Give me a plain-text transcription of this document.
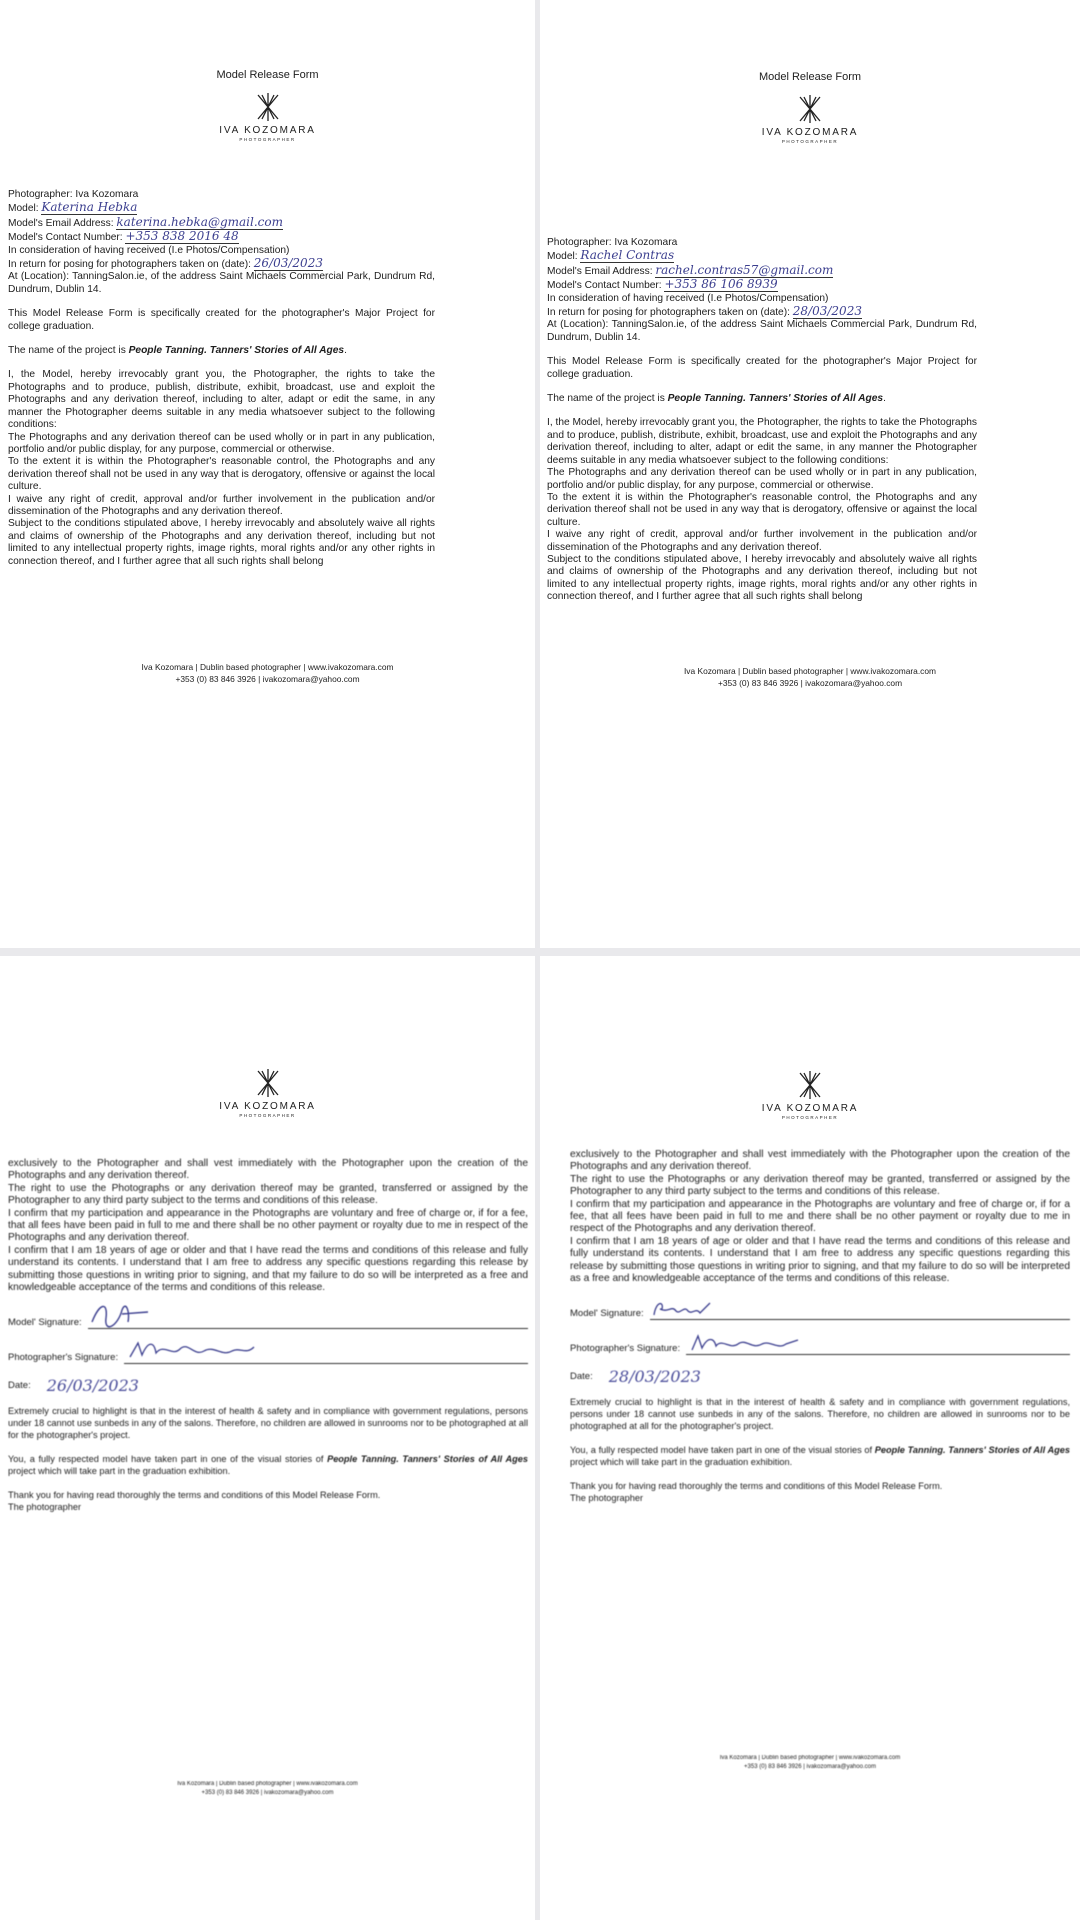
Model Release Form
IVA KOZOMARA
PHOTOGRAPHER
Photographer: Iva Kozomara
Model: Katerina Hebka
Model's Email Address: katerina.hebka@gmail.com
Model's Contact Number: +353 838 2016 48
In consideration of having received (I.e Photos/Compensation)
In return for posing for photographers taken on (date): 26/03/2023

At (Location): TanningSalon.ie, of the address Saint Michaels Commercial Park, Dundrum Rd, Dundrum, Dublin 14.

This Model Release Form is specifically created for the photographer's Major Project for college graduation.

The name of the project is People Tanning. Tanners' Stories of All Ages.

I, the Model, hereby irrevocably grant you, the Photographer, the rights to take the Photographs and to produce, publish, distribute, exhibit, broadcast, use and exploit the Photographs and any derivation thereof, including to alter, adapt or edit the same, in any manner the Photographer deems suitable in any media whatsoever subject to the following conditions:

The Photographs and any derivation thereof can be used wholly or in part in any publication, portfolio and/or public display, for any purpose, commercial or otherwise.

To the extent it is within the Photographer's reasonable control, the Photographs and any derivation thereof shall not be used in any way that is derogatory, offensive or against the local culture.

I waive any right of credit, approval and/or further involvement in the publication and/or dissemination of the Photographs and any derivation thereof.

Subject to the conditions stipulated above, I hereby irrevocably and absolutely waive all rights and claims of ownership of the Photographs and any derivation thereof, including but not limited to any intellectual property rights, image rights, moral rights and/or any other rights in connection thereof, and I further agree that all such rights shall belong

Iva Kozomara | Dublin based photographer | www.ivakozomara.com
+353 (0) 83 846 3926 | ivakozomara@yahoo.com
Model Release Form
IVA KOZOMARA
PHOTOGRAPHER
Photographer: Iva Kozomara
Model: Rachel Contras
Model's Email Address: rachel.contras57@gmail.com
Model's Contact Number: +353 86 106 8939
In consideration of having received (I.e Photos/Compensation)
In return for posing for photographers taken on (date): 28/03/2023

At (Location): TanningSalon.ie, of the address Saint Michaels Commercial Park, Dundrum Rd, Dundrum, Dublin 14.

This Model Release Form is specifically created for the photographer's Major Project for college graduation.

The name of the project is People Tanning. Tanners' Stories of All Ages.

I, the Model, hereby irrevocably grant you, the Photographer, the rights to take the Photographs and to produce, publish, distribute, exhibit, broadcast, use and exploit the Photographs and any derivation thereof, including to alter, adapt or edit the same, in any manner the Photographer deems suitable in any media whatsoever subject to the following conditions:

The Photographs and any derivation thereof can be used wholly or in part in any publication, portfolio and/or public display, for any purpose, commercial or otherwise.

To the extent it is within the Photographer's reasonable control, the Photographs and any derivation thereof shall not be used in any way that is derogatory, offensive or against the local culture.

I waive any right of credit, approval and/or further involvement in the publication and/or dissemination of the Photographs and any derivation thereof.

Subject to the conditions stipulated above, I hereby irrevocably and absolutely waive all rights and claims of ownership of the Photographs and any derivation thereof, including but not limited to any intellectual property rights, image rights, moral rights and/or any other rights in connection thereof, and I further agree that all such rights shall belong

Iva Kozomara | Dublin based photographer | www.ivakozomara.com
+353 (0) 83 846 3926 | ivakozomara@yahoo.com
IVA KOZOMARA
PHOTOGRAPHER

exclusively to the Photographer and shall vest immediately with the Photographer upon the creation of the Photographs and any derivation thereof.

The right to use the Photographs or any derivation thereof may be granted, transferred or assigned by the Photographer to any third party subject to the terms and conditions of this release.

I confirm that my participation and appearance in the Photographs are voluntary and free of charge or, if for a fee, that all fees have been paid in full to me and there shall be no other payment or royalty due to me in respect of the Photographs and any derivation thereof.

I confirm that I am 18 years of age or older and that I have read the terms and conditions of this release and fully understand its contents. I understand that I am free to address any specific questions regarding this release by submitting those questions in writing prior to signing, and that my failure to do so will be interpreted as a free and knowledgeable acceptance of the terms and conditions of this release.

Model' Signature:
Photographer's Signature:
Date: 26/03/2023

Extremely crucial to highlight is that in the interest of health & safety and in compliance with government regulations, persons under 18 cannot use sunbeds in any of the salons. Therefore, no children are allowed in sunrooms nor to be photographed at all for the photographer's project.

You, a fully respected model have taken part in one of the visual stories of People Tanning. Tanners' Stories of All Ages project which will take part in the graduation exhibition.

Thank you for having read thoroughly the terms and conditions of this Model Release Form.

The photographer

Iva Kozomara | Dublin based photographer | www.ivakozomara.com
+353 (0) 83 846 3926 | ivakozomara@yahoo.com
IVA KOZOMARA
PHOTOGRAPHER

exclusively to the Photographer and shall vest immediately with the Photographer upon the creation of the Photographs and any derivation thereof.

The right to use the Photographs or any derivation thereof may be granted, transferred or assigned by the Photographer to any third party subject to the terms and conditions of this release.

I confirm that my participation and appearance in the Photographs are voluntary and free of charge or, if for a fee, that all fees have been paid in full to me and there shall be no other payment or royalty due to me in respect of the Photographs and any derivation thereof.

I confirm that I am 18 years of age or older and that I have read the terms and conditions of this release and fully understand its contents. I understand that I am free to address any specific questions regarding this release by submitting those questions in writing prior to signing, and that my failure to do so will be interpreted as a free and knowledgeable acceptance of the terms and conditions of this release.

Model' Signature:
Photographer's Signature:
Date: 28/03/2023

Extremely crucial to highlight is that in the interest of health & safety and in compliance with government regulations, persons under 18 cannot use sunbeds in any of the salons. Therefore, no children are allowed in sunrooms nor to be photographed at all for the photographer's project.

You, a fully respected model have taken part in one of the visual stories of People Tanning. Tanners' Stories of All Ages project which will take part in the graduation exhibition.

Thank you for having read thoroughly the terms and conditions of this Model Release Form.

The photographer

Iva Kozomara | Dublin based photographer | www.ivakozomara.com
+353 (0) 83 846 3926 | ivakozomara@yahoo.com
